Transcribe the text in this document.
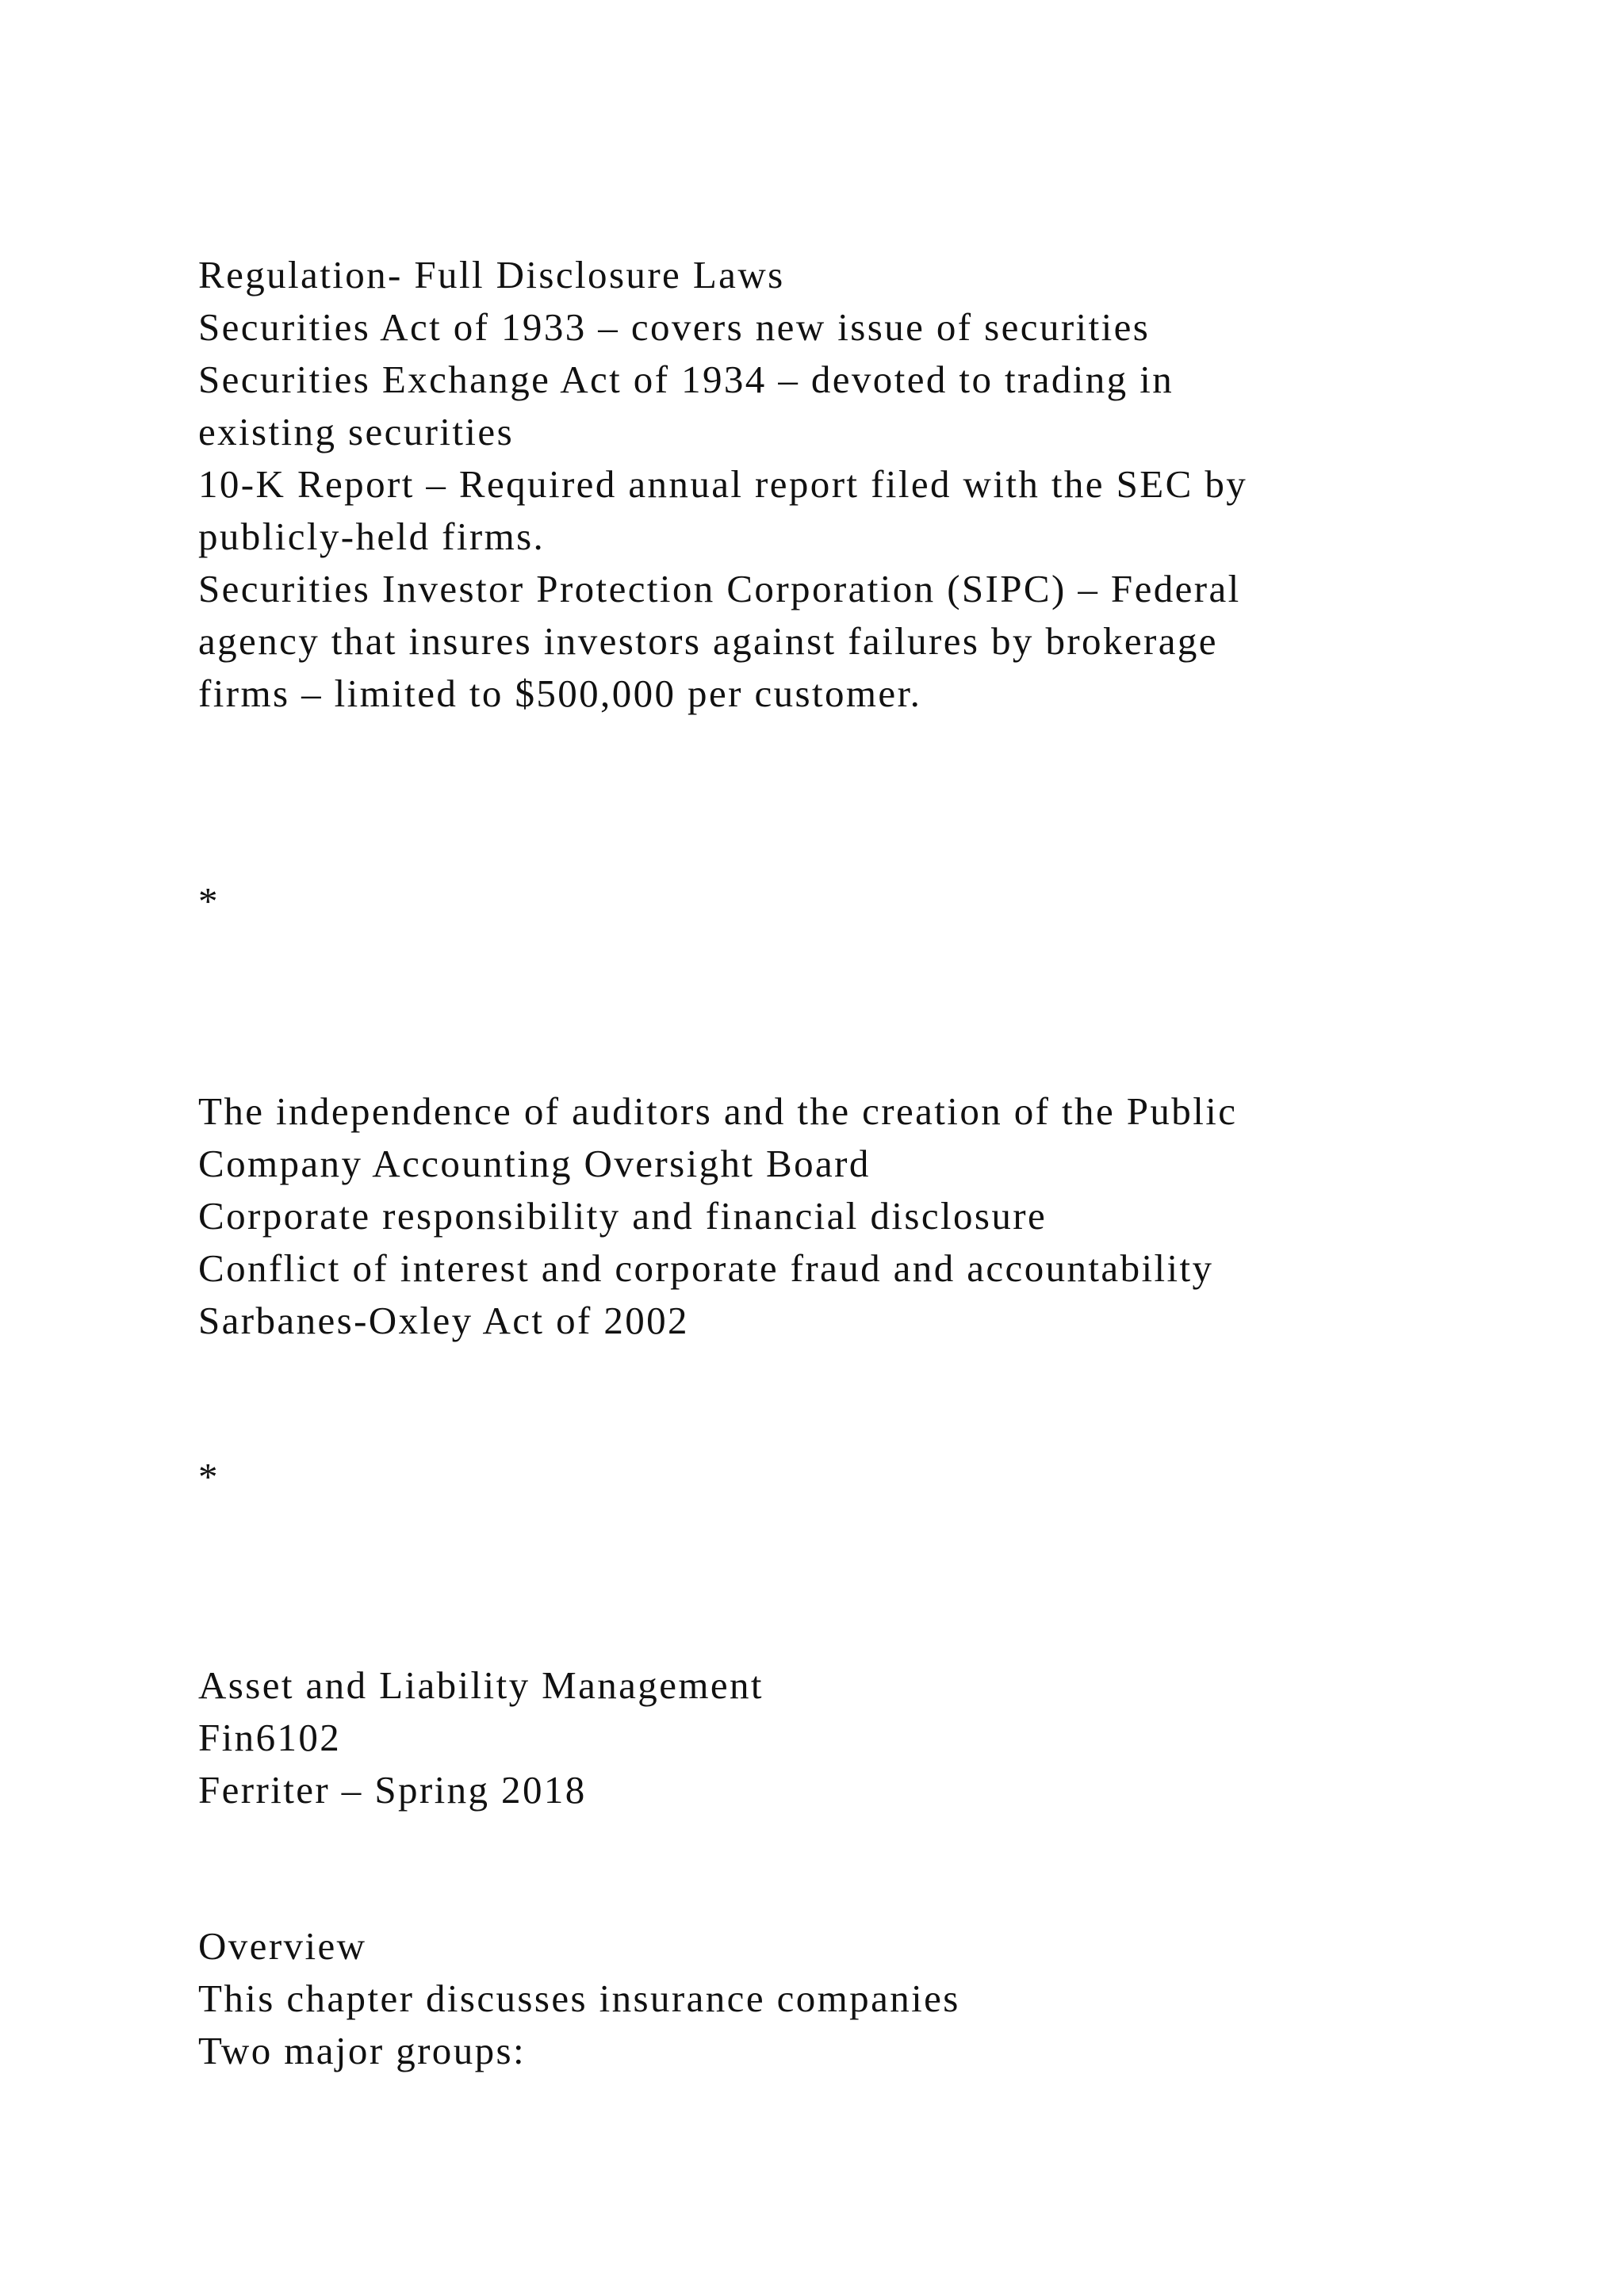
Regulation- Full Disclosure Laws

Securities Act of 1933 – covers new issue of securities

Securities Exchange Act of 1934 – devoted to trading in

existing securities

10-K Report – Required annual report filed with the SEC by

publicly-held firms.

Securities Investor Protection Corporation (SIPC) – Federal

agency that insures investors against failures by brokerage

firms – limited to $500,000 per customer.

*

The independence of auditors and the creation of the Public

Company Accounting Oversight Board

Corporate responsibility and financial disclosure

Conflict of interest and corporate fraud and accountability

Sarbanes-Oxley Act of 2002

*

Asset and Liability Management

Fin6102

Ferriter – Spring 2018

Overview

This chapter discusses insurance companies

Two major groups:
